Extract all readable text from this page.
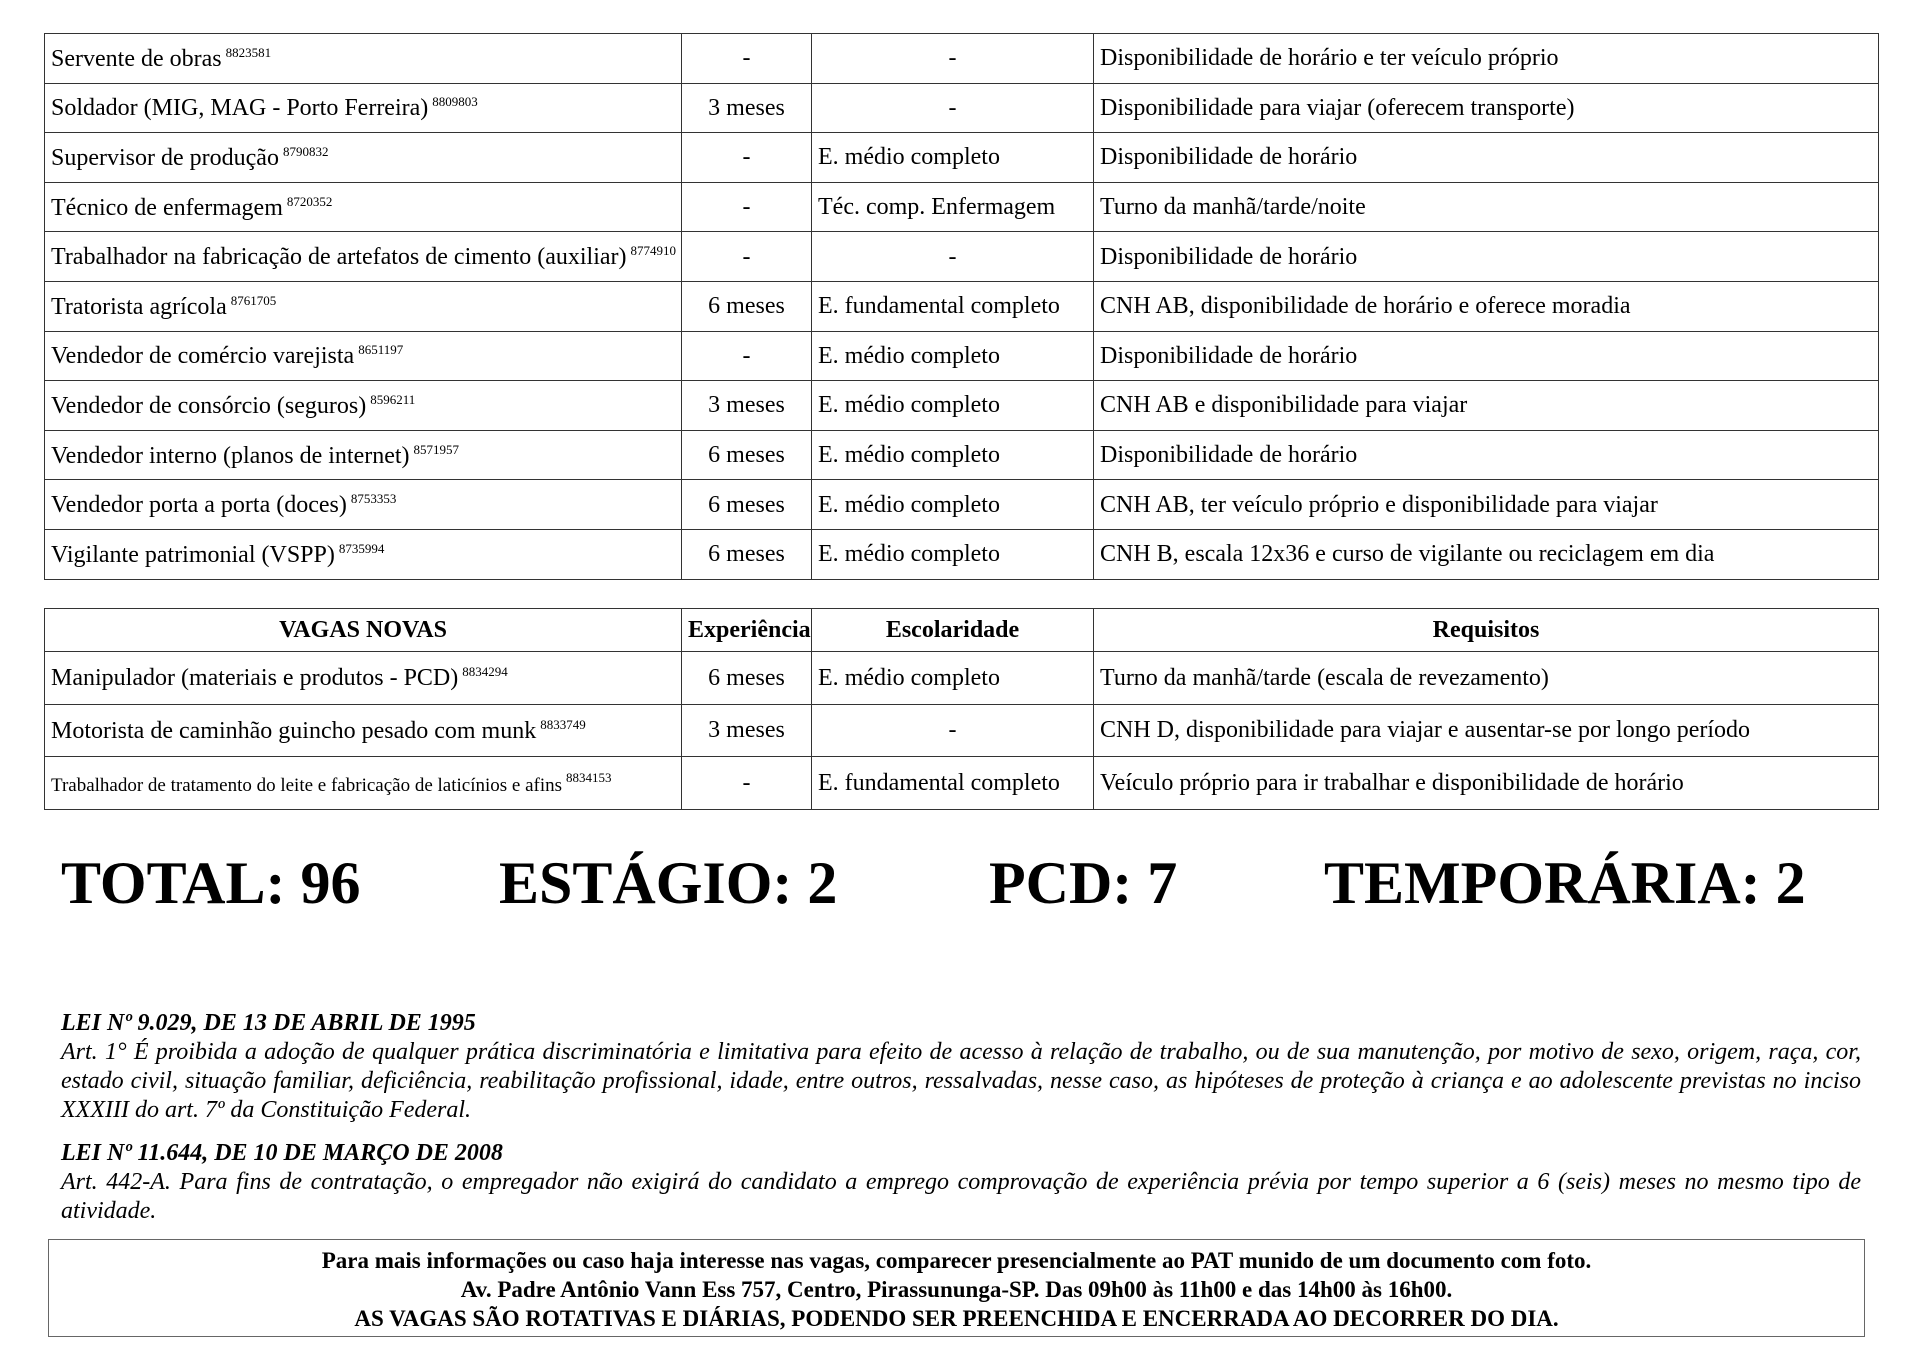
Servente de obras $^{8823581}$	-	-	Disponibilidade de horário e ter veículo próprio
Soldador (MIG, MAG - Porto Ferreira) $^{8809803}$	3 meses	-	Disponibilidade para viajar (oferecem transporte)
Supervisor de produção $^{8790832}$	-	E. médio completo	Disponibilidade de horário
Técnico de enfermagem $^{8720352}$	-	Téc. comp. Enfermagem	Turno da manhã/tarde/noite
Trabalhador na fabricação de artefatos de cimento (auxiliar) $^{8774910}$	-	-	Disponibilidade de horário
Tratorista agrícola $^{8761705}$	6 meses	E. fundamental completo	CNH AB, disponibilidade de horário e oferece moradia
Vendedor de comércio varejista $^{8651197}$	-	E. médio completo	Disponibilidade de horário
Vendedor de consórcio (seguros) $^{8596211}$	3 meses	E. médio completo	CNH AB e disponibilidade para viajar
Vendedor interno (planos de internet) $^{8571957}$	6 meses	E. médio completo	Disponibilidade de horário
Vendedor porta a porta (doces) $^{8753353}$	6 meses	E. médio completo	CNH AB, ter veículo próprio e disponibilidade para viajar
Vigilante patrimonial (VSPP) $^{8735994}$	6 meses	E. médio completo	CNH B, escala 12x36 e curso de vigilante ou reciclagem em dia
VAGAS NOVAS	Experiência	Escolaridade	Requisitos
Manipulador (materiais e produtos - PCD) $^{8834294}$	6 meses	E. médio completo	Turno da manhã/tarde (escala de revezamento)
Motorista de caminhão guincho pesado com munk $^{8833749}$	3 meses	-	CNH D, disponibilidade para viajar e ausentar-se por longo período
Trabalhador de tratamento do leite e fabricação de laticínios e afins $^{8834153}$	-	E. fundamental completo	Veículo próprio para ir trabalhar e disponibilidade de horário
TOTAL: 96 ESTÁGIO: 2	PCD: 7 TEMPORÁRIA: 2
LEI Nº 9.029, DE 13 DE ABRIL DE 1995
Art. 1° É proibida a adoção de qualquer prática discriminatória e limitativa para efeito de acesso à relação de trabalho, ou de sua manutenção, por motivo de sexo, origem, raça, cor, estado civil, situação familiar, deficiência, reabilitação profissional, idade, entre outros, ressalvadas, nesse caso, as hipóteses de proteção à criança e ao adolescente previstas no inciso XXXIII do art. 7º da Constituição Federal.
LEI Nº 11.644, DE 10 DE MARÇO DE 2008
Art. 442-A. Para fins de contratação, o empregador não exigirá do candidato a emprego comprovação de experiência prévia por tempo superior a 6 (seis) meses no mesmo tipo de atividade.
Para mais informações ou caso haja interesse nas vagas, comparecer presencialmente ao PAT munido de um documento com foto.
Av. Padre Antônio Vann Ess 757, Centro, Pirassununga-SP. Das 09h00 às 11h00 e das 14h00 às 16h00.
AS VAGAS SÃO ROTATIVAS E DIÁRIAS, PODENDO SER PREENCHIDA E ENCERRADA AO DECORRER DO DIA.
